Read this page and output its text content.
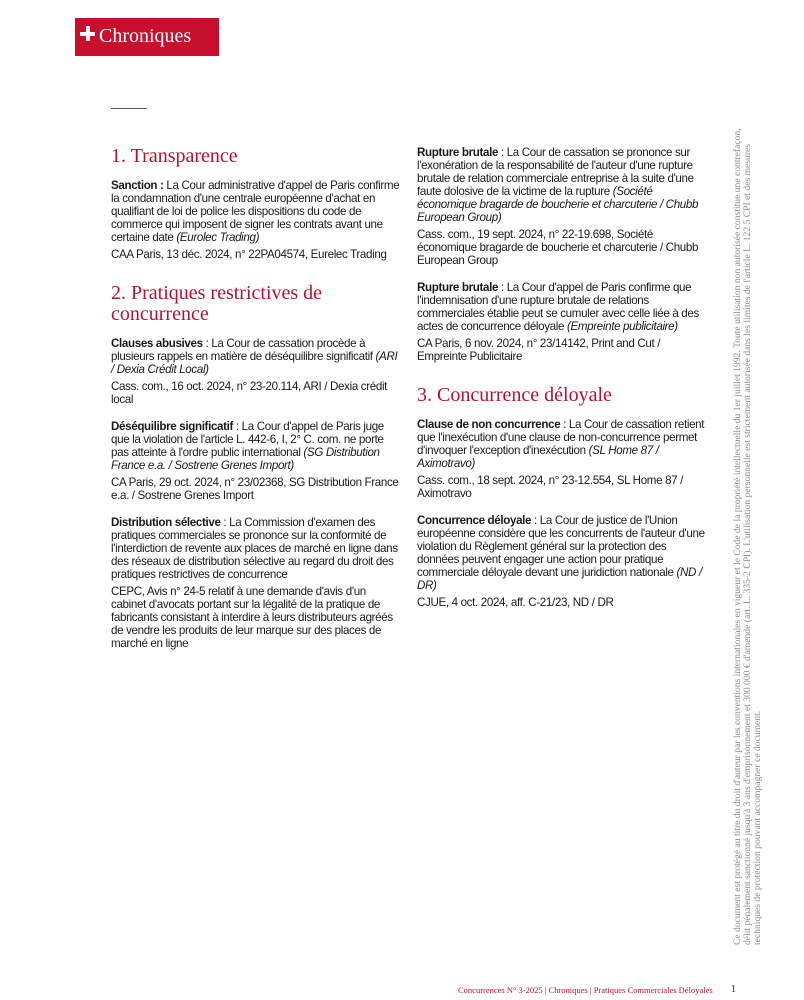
Chroniques
1. Transparence

Sanction : La Cour administrative d'appel de Paris confirme la condamnation d'une centrale européenne d'achat en qualifiant de loi de police les dispositions du code de commerce qui imposent de signer les contrats avant une certaine date (Eurolec Trading)

CAA Paris, 13 déc. 2024, n° 22PA04574, Eurelec Trading

2. Pratiques restrictives de concurrence

Clauses abusives : La Cour de cassation procède à plusieurs rappels en matière de déséquilibre significatif (ARI / Dexia Crédit Local)

Cass. com., 16 oct. 2024, n° 23-20.114, ARI / Dexia crédit local

Déséquilibre significatif : La Cour d'appel de Paris juge que la violation de l'article L. 442-6, I, 2° C. com. ne porte pas atteinte à l'ordre public international (SG Distribution France e.a. / Sostrene Grenes Import)

CA Paris, 29 oct. 2024, n° 23/02368, SG Distribution France e.a. / Sostrene Grenes Import

Distribution sélective : La Commission d'examen des pratiques commerciales se prononce sur la conformité de l'interdiction de revente aux places de marché en ligne dans des réseaux de distribution sélective au regard du droit des pratiques restrictives de concurrence

CEPC, Avis n° 24-5 relatif à une demande d'avis d'un cabinet d'avocats portant sur la légalité de la pratique de fabricants consistant à interdire à leurs distributeurs agréés de vendre les produits de leur marque sur des places de marché en ligne

Rupture brutale : La Cour de cassation se prononce sur l'exonération de la responsabilité de l'auteur d'une rupture brutale de relation commerciale entreprise à la suite d'une faute dolosive de la victime de la rupture (Société économique bragarde de boucherie et charcuterie / Chubb European Group)

Cass. com., 19 sept. 2024, n° 22-19.698, Société économique bragarde de boucherie et charcuterie / Chubb European Group

Rupture brutale : La Cour d'appel de Paris confirme que l'indemnisation d'une rupture brutale de relations commerciales établie peut se cumuler avec celle liée à des actes de concurrence déloyale (Empreinte publicitaire)

CA Paris, 6 nov. 2024, n° 23/14142, Print and Cut / Empreinte Publicitaire

3. Concurrence déloyale

Clause de non concurrence : La Cour de cassation retient que l'inexécution d'une clause de non-concurrence permet d'invoquer l'exception d'inexécution (SL Home 87 / Aximotravo)

Cass. com., 18 sept. 2024, n° 23-12.554, SL Home 87 / Aximotravo

Concurrence déloyale : La Cour de justice de l'Union européenne considère que les concurrents de l'auteur d'une violation du Règlement général sur la protection des données peuvent engager une action pour pratique commerciale déloyale devant une juridiction nationale (ND / DR)

CJUE, 4 oct. 2024, aff. C-21/23, ND / DR	Ce document est protégé au titre du droit d'auteur par les conventions internationales en vigueur et le Code de la propriété intellectuelle du 1er juillet 1992. Toute utilisation non autorisée constitue une contrefaçon, délit pénalement sanctionné jusqu'à 3 ans d'emprisonnement et 300 000 € d'amende (art. L. 335-2 CPI). L'utilisation personnelle est strictement autorisée dans les limites de l'article L. 122 5 CPI et des mesures techniques de protection pouvant accompagner ce document.
Concurrences N° 3-2025 | Chroniques | Pratiques Commerciales Déloyales 1
